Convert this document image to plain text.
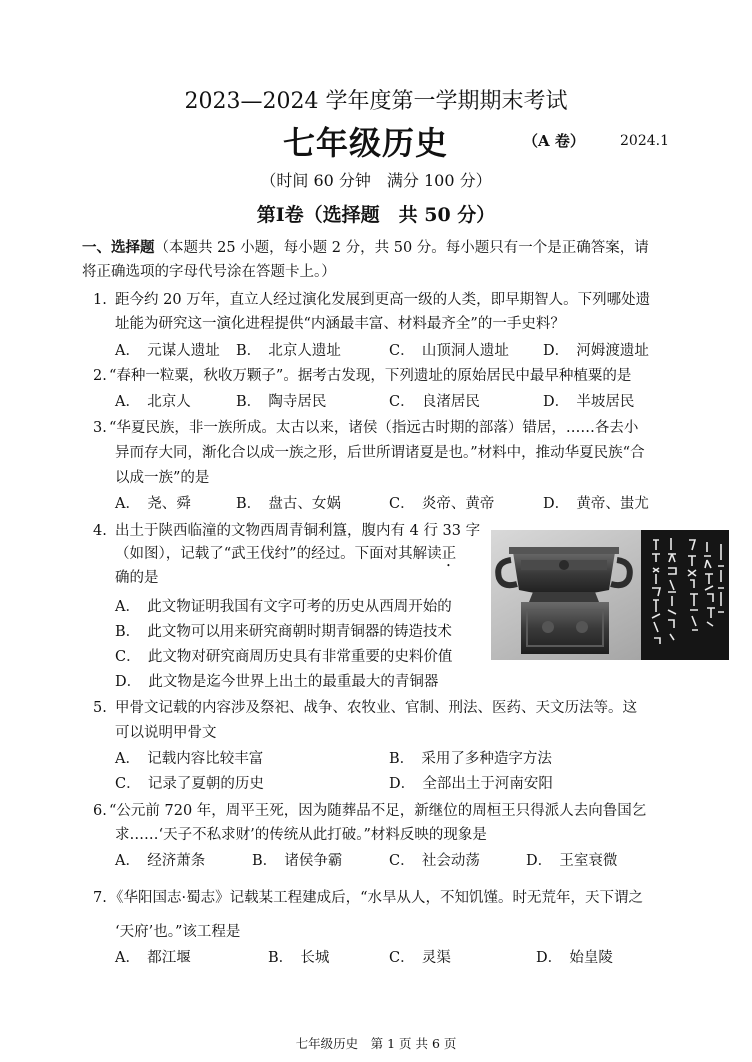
2023—2024 学年度第一学期期末考试
七年级历史	（A 卷）	2024.1
（时间 60 分钟　满分 100 分）
第Ⅰ卷（选择题　共 50 分）
一、选择题（本题共 25 小题，每小题 2 分，共 50 分。每小题只有一个是正确答案，请
将正确选项的字母代号涂在答题卡上。）
1. 距今约 20 万年，直立人经过演化发展到更高一级的人类，即早期智人。下列哪处遗
址能为研究这一演化进程提供“内涵最丰富、材料最齐全”的一手史料？
A．　元谋人遗址 B．　北京人遗址	C．　山顶洞人遗址 D．　河姆渡遗址
2. “春种一粒粟，秋收万颗子”。据考古发现，下列遗址的原始居民中最早种植粟的是
A．　北京人	B．　陶寺居民	C．　良渚居民	D．　半坡居民
3. “华夏民族，非一族所成。太古以来，诸侯（指远古时期的部落）错居，……各去小
异而存大同，渐化合以成一族之形，后世所谓诸夏是也。”材料中，推动华夏民族“合
以成一族”的是
A．　尧、舜	B．　盘古、女娲	C．　炎帝、黄帝	D．　黄帝、蚩尤
4. 出土于陕西临潼的文物西周青铜利簋，腹内有 4 行 33 字
（如图），记载了“武王伐纣”的经过。下面对其解读正
确的是
A．　此文物证明我国有文字可考的历史从西周开始的
B．　此文物可以用来研究商朝时期青铜器的铸造技术
C．　此文物对研究商周历史具有非常重要的史料价值
D．　此文物是迄今世界上出土的最重最大的青铜器
5. 甲骨文记载的内容涉及祭祀、战争、农牧业、官制、刑法、医药、天文历法等。这
可以说明甲骨文
A．　记载内容比较丰富	B．　采用了多种造字方法
C．　记录了夏朝的历史	D．　全部出土于河南安阳
6. “公元前 720 年，周平王死，因为随葬品不足，新继位的周桓王只得派人去向鲁国乞
求……‘天子不私求财’的传统从此打破。”材料反映的现象是
A．　经济萧条	B．　诸侯争霸	C．　社会动荡	D．　王室衰微
7. 《华阳国志·蜀志》记载某工程建成后，“水旱从人，不知饥馑。时无荒年，天下谓之
‘天府’也。”该工程是
A．　都江堰	B．　长城	C．　灵渠	D．　始皇陵
七年级历史　第 1 页 共 6 页
